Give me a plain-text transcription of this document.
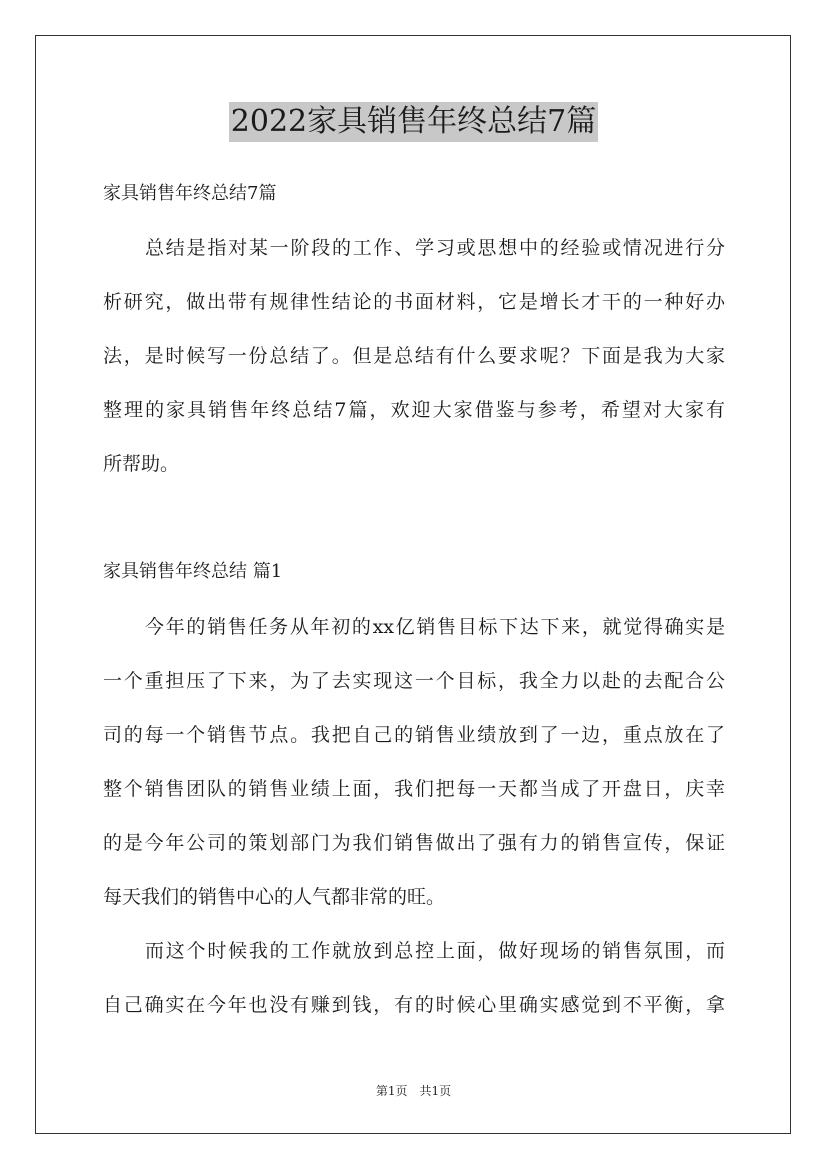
2022家具销售年终总结7篇
家具销售年终总结7篇
总结是指对某一阶段的工作、学习或思想中的经验或情况进行分
析研究，做出带有规律性结论的书面材料，它是增长才干的一种好办
法，是时候写一份总结了。但是总结有什么要求呢？下面是我为大家
整理的家具销售年终总结7篇，欢迎大家借鉴与参考，希望对大家有
所帮助。
家具销售年终总结 篇1
今年的销售任务从年初的xx亿销售目标下达下来，就觉得确实是
一个重担压了下来，为了去实现这一个目标，我全力以赴的去配合公
司的每一个销售节点。我把自己的销售业绩放到了一边，重点放在了
整个销售团队的销售业绩上面，我们把每一天都当成了开盘日，庆幸
的是今年公司的策划部门为我们销售做出了强有力的销售宣传，保证
每天我们的销售中心的人气都非常的旺。
而这个时候我的工作就放到总控上面，做好现场的销售氛围，而
自己确实在今年也没有赚到钱，有的时候心里确实感觉到不平衡，拿
第1页　共1页
